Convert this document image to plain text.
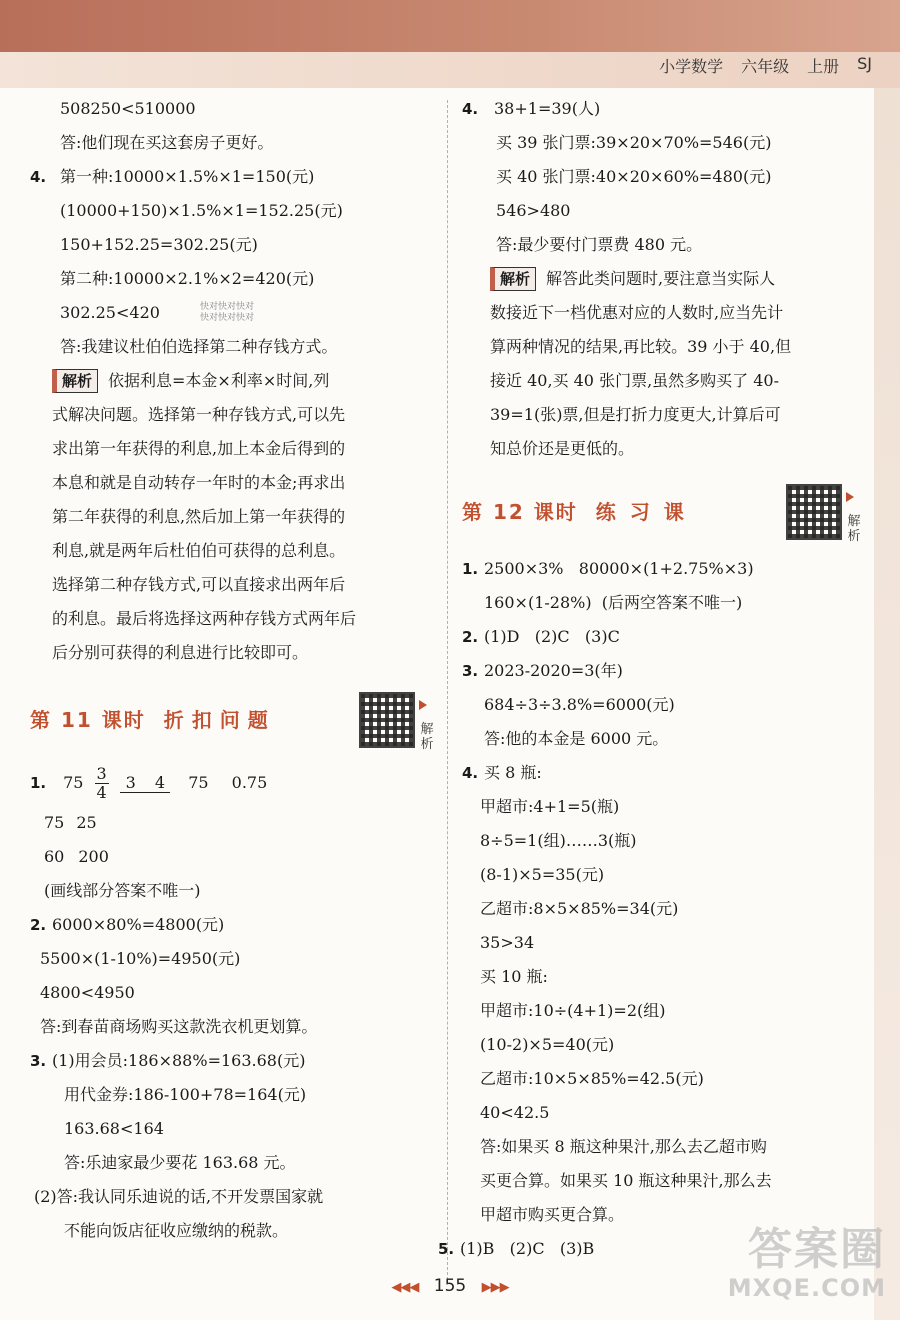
小学数学 六年级 上册 SJ
508250<510000
答:他们现在买这套房子更好。
4. 第一种:10000×1.5%×1=150(元)
(10000+150)×1.5%×1=152.25(元)
150+152.25=302.25(元)
第二种:10000×2.1%×2=420(元)
302.25<420	快对快对快对
快对快对快对
答:我建议杜伯伯选择第二种存钱方式。
解析 依据利息=本金×利率×时间,列
式解决问题。选择第一种存钱方式,可以先
求出第一年获得的利息,加上本金后得到的
本息和就是自动转存一年时的本金;再求出
第二年获得的利息,然后加上第一年获得的
利息,就是两年后杜伯伯可获得的总利息。
选择第二种存钱方式,可以直接求出两年后
的利息。最后将选择这两种存钱方式两年后
后分别可获得的利息进行比较即可。
第 11 课时 折扣问题	解析
1. $75 \frac{3}{4} 3$ 4 75 0.75
75 25
60 200
(画线部分答案不唯一)
2. 6000×80%=4800(元)
5500×(1-10%)=4950(元)
4800<4950
答:到春苗商场购买这款洗衣机更划算。
3. (1)用会员:186×88%=163.68(元)
用代金券:186-100+78=164(元)
163.68<164
答:乐迪家最少要花 163.68 元。
(2)答:我认同乐迪说的话,不开发票国家就
不能向饭店征收应缴纳的税款。
4. 38+1=39(人)
买 39 张门票:39×20×70%=546(元)
买 40 张门票:40×20×60%=480(元)
546>480
答:最少要付门票费 480 元。
解析 解答此类问题时,要注意当实际人
数接近下一档优惠对应的人数时,应当先计
算两种情况的结果,再比较。39 小于 40,但
接近 40,买 40 张门票,虽然多购买了 40-
39=1(张)票,但是打折力度更大,计算后可
知总价还是更低的。
第 12 课时 练习课	解析
1. 2500×3%   80000×(1+2.75%×3)
160×(1-28%)  (后两空答案不唯一)
2. (1)D   (2)C   (3)C
3. 2023-2020=3(年)
684÷3÷3.8%=6000(元)
答:他的本金是 6000 元。
4. 买 8 瓶:
甲超市:4+1=5(瓶)
8÷5=1(组)……3(瓶)
(8-1)×5=35(元)
乙超市:8×5×85%=34(元)
35>34
买 10 瓶:
甲超市:10÷(4+1)=2(组)
(10-2)×5=40(元)
乙超市:10×5×85%=42.5(元)
40<42.5
答:如果买 8 瓶这种果汁,那么去乙超市购
买更合算。如果买 10 瓶这种果汁,那么去
甲超市购买更合算。
5. (1)B   (2)C   (3)B
◀◀◀ 155 ▶▶▶
答案圈
MXQE.COM
